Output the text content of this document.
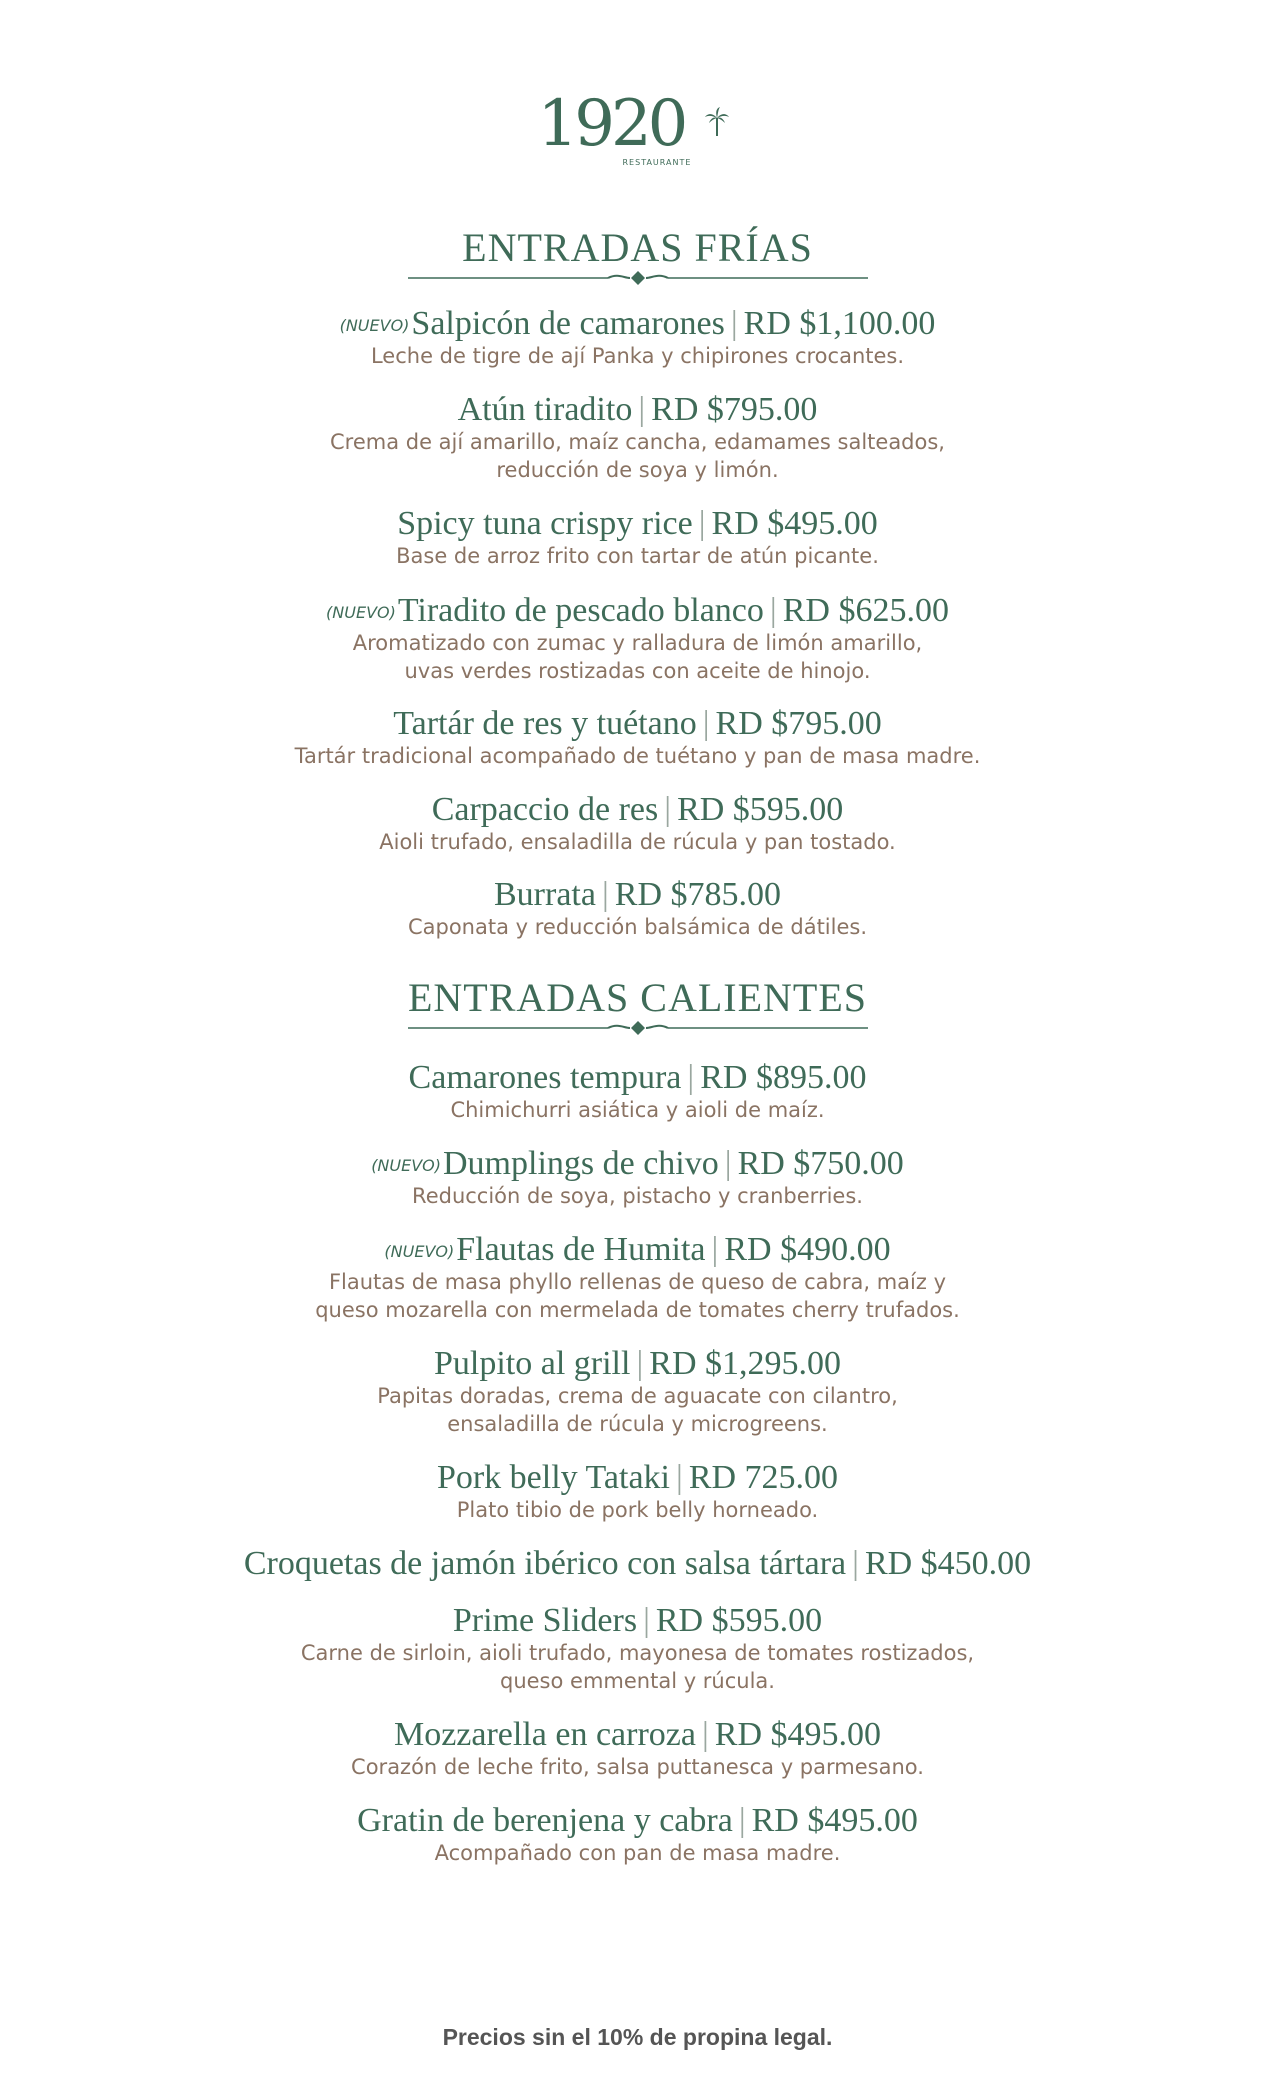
1920
RESTAURANTE
ENTRADAS FRÍAS
(NUEVO)Salpicón de camarones | RD $1,100.00
Leche de tigre de ají Panka y chipirones crocantes.
Atún tiradito | RD $795.00
Crema de ají amarillo, maíz cancha, edamames salteados,
reducción de soya y limón.
Spicy tuna crispy rice | RD $495.00
Base de arroz frito con tartar de atún picante.
(NUEVO)Tiradito de pescado blanco | RD $625.00
Aromatizado con zumac y ralladura de limón amarillo,
uvas verdes rostizadas con aceite de hinojo.
Tartár de res y tuétano | RD $795.00
Tartár tradicional acompañado de tuétano y pan de masa madre.
Carpaccio de res | RD $595.00
Aioli trufado, ensaladilla de rúcula y pan tostado.
Burrata | RD $785.00
Caponata y reducción balsámica de dátiles.
ENTRADAS CALIENTES
Camarones tempura | RD $895.00
Chimichurri asiática y aioli de maíz.
(NUEVO)Dumplings de chivo | RD $750.00
Reducción de soya, pistacho y cranberries.
(NUEVO)Flautas de Humita | RD $490.00
Flautas de masa phyllo rellenas de queso de cabra, maíz y
queso mozarella con mermelada de tomates cherry trufados.
Pulpito al grill | RD $1,295.00
Papitas doradas, crema de aguacate con cilantro,
ensaladilla de rúcula y microgreens.
Pork belly Tataki | RD 725.00
Plato tibio de pork belly horneado.
Croquetas de jamón ibérico con salsa tártara | RD $450.00
Prime Sliders | RD $595.00
Carne de sirloin, aioli trufado, mayonesa de tomates rostizados,
queso emmental y rúcula.
Mozzarella en carroza | RD $495.00
Corazón de leche frito, salsa puttanesca y parmesano.
Gratin de berenjena y cabra | RD $495.00
Acompañado con pan de masa madre.
Precios sin el 10% de propina legal.
